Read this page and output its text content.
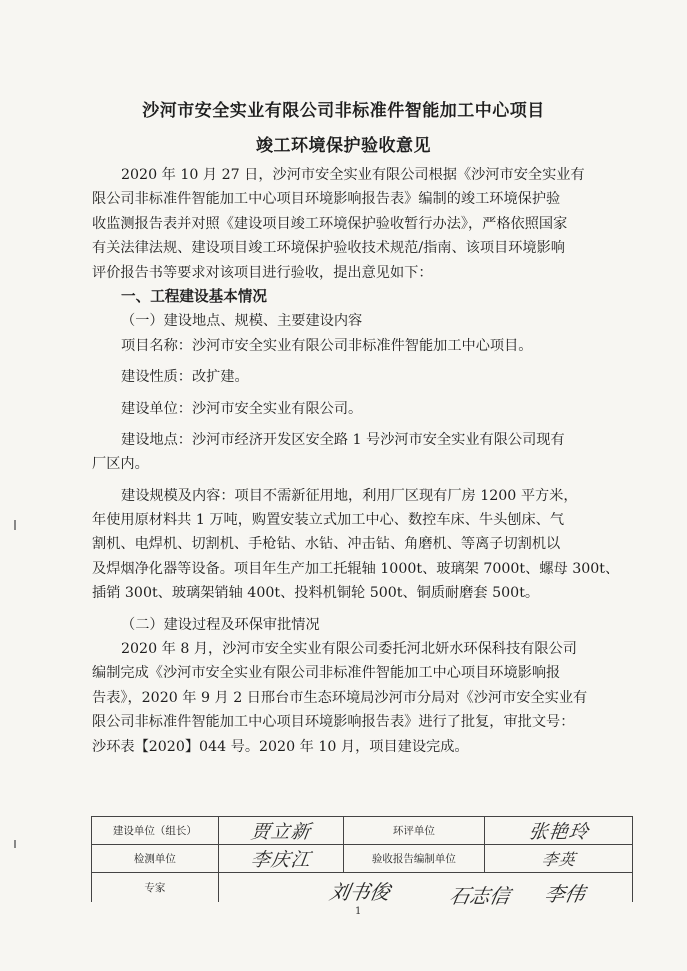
沙河市安全实业有限公司非标准件智能加工中心项目
竣工环境保护验收意见
2020 年 10 月 27 日，沙河市安全实业有限公司根据《沙河市安全实业有
限公司非标准件智能加工中心项目环境影响报告表》编制的竣工环境保护验
收监测报告表并对照《建设项目竣工环境保护验收暂行办法》，严格依照国家
有关法律法规、建设项目竣工环境保护验收技术规范/指南、该项目环境影响
评价报告书等要求对该项目进行验收，提出意见如下：
一、工程建设基本情况
（一）建设地点、规模、主要建设内容
项目名称：沙河市安全实业有限公司非标准件智能加工中心项目。
建设性质：改扩建。
建设单位：沙河市安全实业有限公司。
建设地点：沙河市经济开发区安全路 1 号沙河市安全实业有限公司现有
厂区内。
建设规模及内容：项目不需新征用地，利用厂区现有厂房 1200 平方米，
年使用原材料共 1 万吨，购置安装立式加工中心、数控车床、牛头刨床、气
割机、电焊机、切割机、手枪钻、水钻、冲击钻、角磨机、等离子切割机以
及焊烟净化器等设备。项目年生产加工托辊轴 1000t、玻璃架 7000t、螺母 300t、
插销 300t、玻璃架销轴 400t、投料机铜轮 500t、铜质耐磨套 500t。
（二）建设过程及环保审批情况
2020 年 8 月，沙河市安全实业有限公司委托河北妍水环保科技有限公司
编制完成《沙河市安全实业有限公司非标准件智能加工中心项目环境影响报
告表》，2020 年 9 月 2 日邢台市生态环境局沙河市分局对《沙河市安全实业有
限公司非标准件智能加工中心项目环境影响报告表》进行了批复，审批文号：
沙环表【2020】044 号。2020 年 10 月，项目建设完成。
建设单位（组长）	贾立新	环评单位	张艳玲
检测单位	李庆江	验收报告编制单位	李英
专家				刘书俊	石志信 李伟
1
